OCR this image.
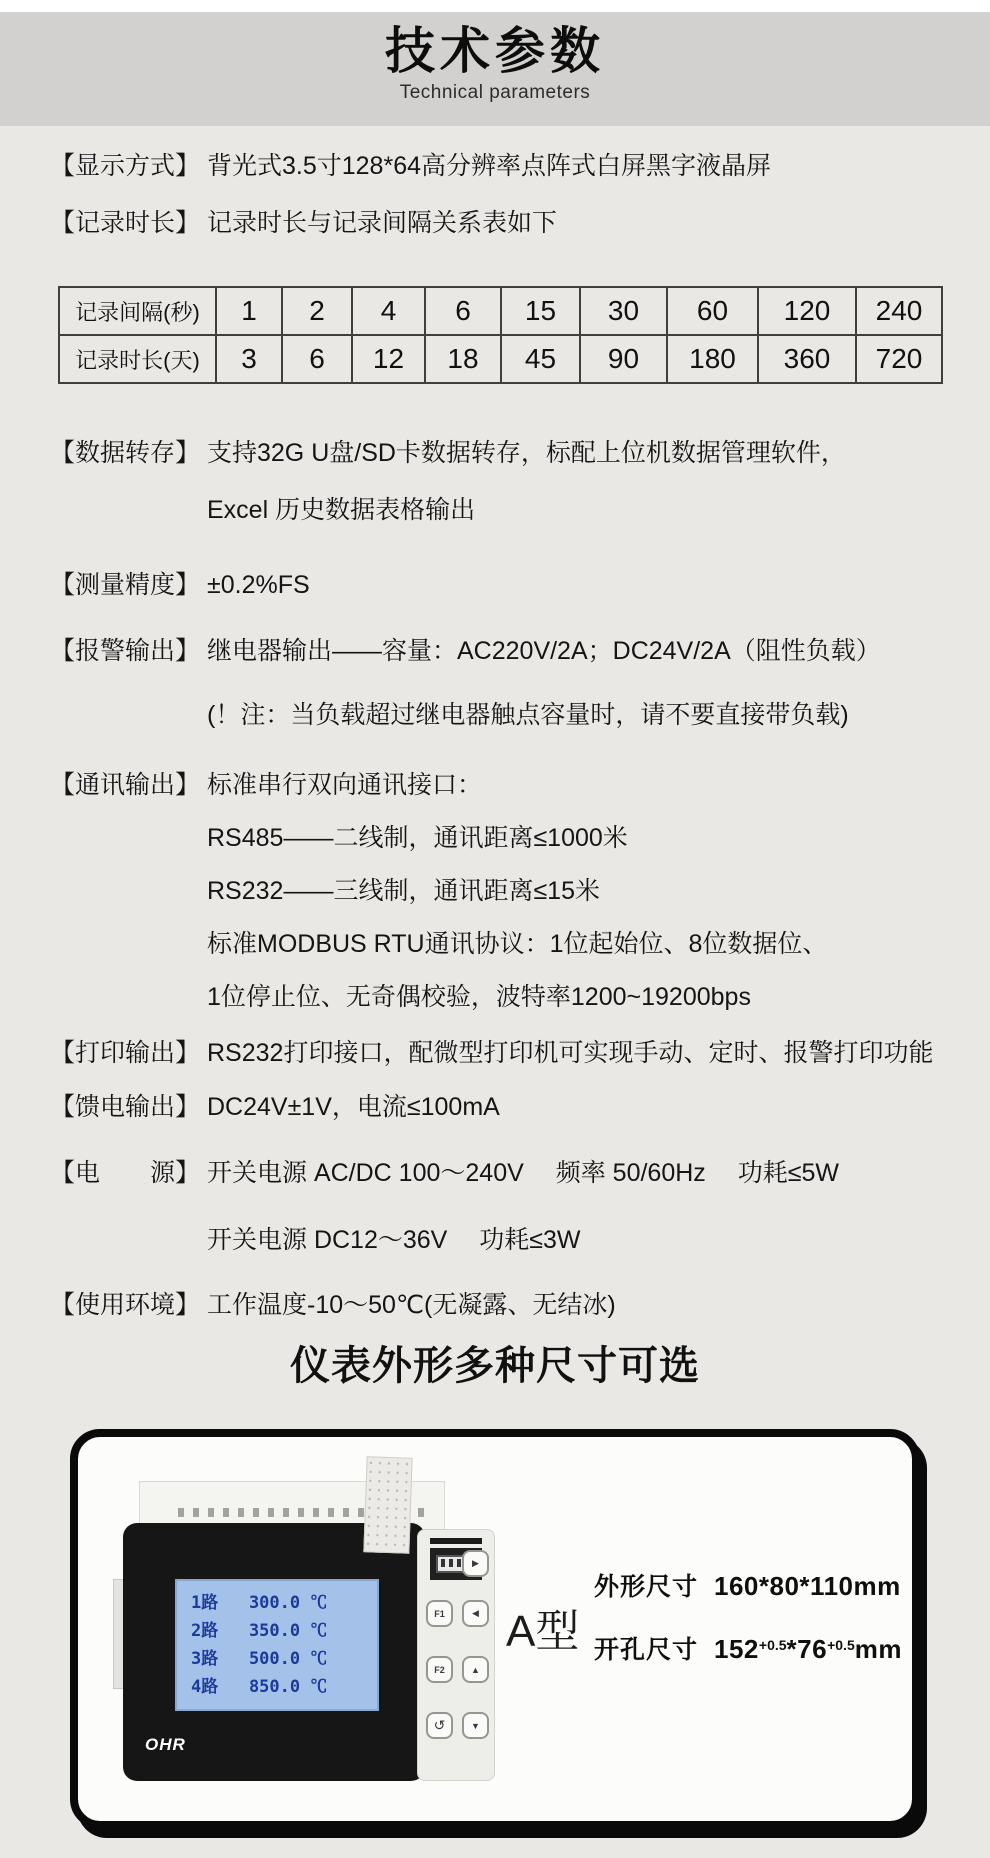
技术参数
Technical parameters
【显示方式】 背光式3.5寸128*64高分辨率点阵式白屏黑字液晶屏
【记录时长】 记录时长与记录间隔关系表如下
记录间隔(秒)	1	2	4	6	15	30	60	120	240
记录时长(天)	3	6	12	18	45	90	180	360	720
【数据转存】 支持32G U盘/SD卡数据转存，标配上位机数据管理软件，
Excel 历史数据表格输出
【测量精度】 ±0.2%FS
【报警输出】 继电器输出——容量：AC220V/2A；DC24V/2A（阻性负载）
(！注：当负载超过继电器触点容量时，请不要直接带负载)
【通讯输出】 标准串行双向通讯接口：
RS485——二线制，通讯距离≤1000米
RS232——三线制，通讯距离≤15米
标准MODBUS RTU通讯协议：1位起始位、8位数据位、
1位停止位、无奇偶校验，波特率1200~19200bps
【打印输出】 RS232打印接口，配微型打印机可实现手动、定时、报警打印功能
【馈电输出】 DC24V±1V，电流≤100mA
【电　　源】 开关电源 AC/DC 100～240V　 频率 50/60Hz　 功耗≤5W
开关电源 DC12～36V　 功耗≤3W
【使用环境】 工作温度-10～50℃(无凝露、无结冰)
仪表外形多种尺寸可选
1路   300.0 ℃
2路   350.0 ℃
3路   500.0 ℃
4路   850.0 ℃
OHR
▶
F1	◀
F2	▲
↺	▼
A型
外形尺寸 160*80*110mm
开孔尺寸 $152^{+0.5}*76^{+0.5}mm$
